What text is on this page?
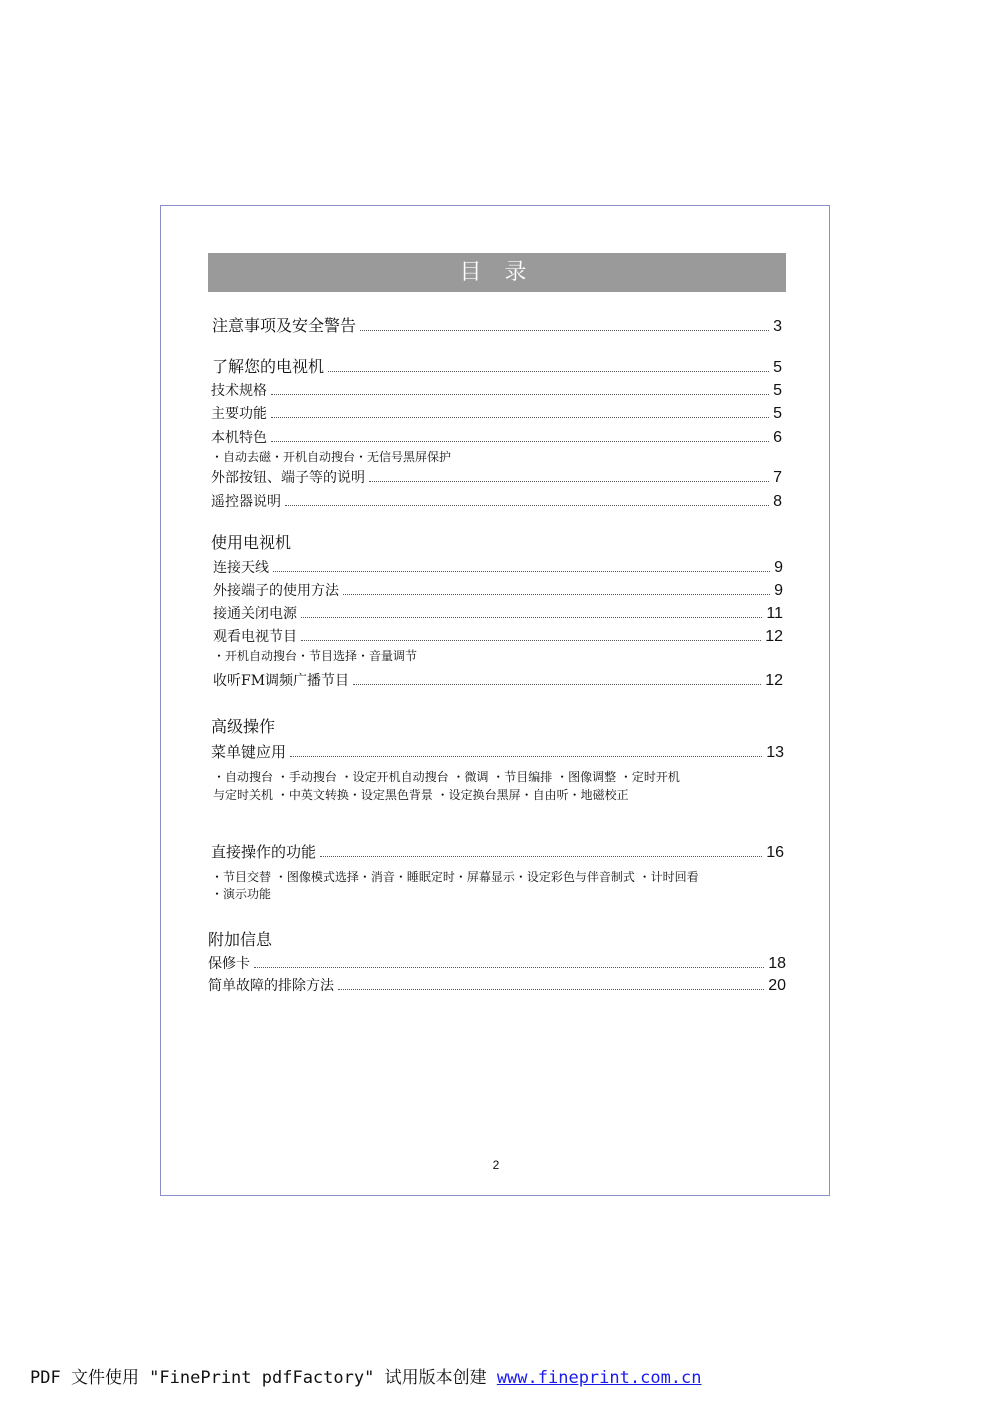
目 录
注意事项及安全警告	3
了解您的电视机	5
技术规格	5
主要功能	5
本机特色	6
・自动去磁・开机自动搜台・无信号黑屏保护
外部按钮、端子等的说明	7
遥控器说明	8
使用电视机
连接天线	9
外接端子的使用方法	9
接通关闭电源	11
观看电视节目	12
・开机自动搜台・节目选择・音量调节
收听FM调频广播节目	12
高级操作
菜单键应用	13
・自动搜台 ・手动搜台 ・设定开机自动搜台 ・微调 ・节目编排 ・图像调整 ・定时开机
与定时关机 ・中英文转换・设定黑色背景 ・设定换台黑屏・自由听・地磁校正
直接操作的功能	16
・节目交替 ・图像模式选择・消音・睡眠定时・屏幕显示・设定彩色与伴音制式 ・计时回看
・演示功能
附加信息
保修卡	18
简单故障的排除方法	20
2
PDF 文件使用 "FinePrint pdfFactory" 试用版本创建 www.fineprint.com.cn
